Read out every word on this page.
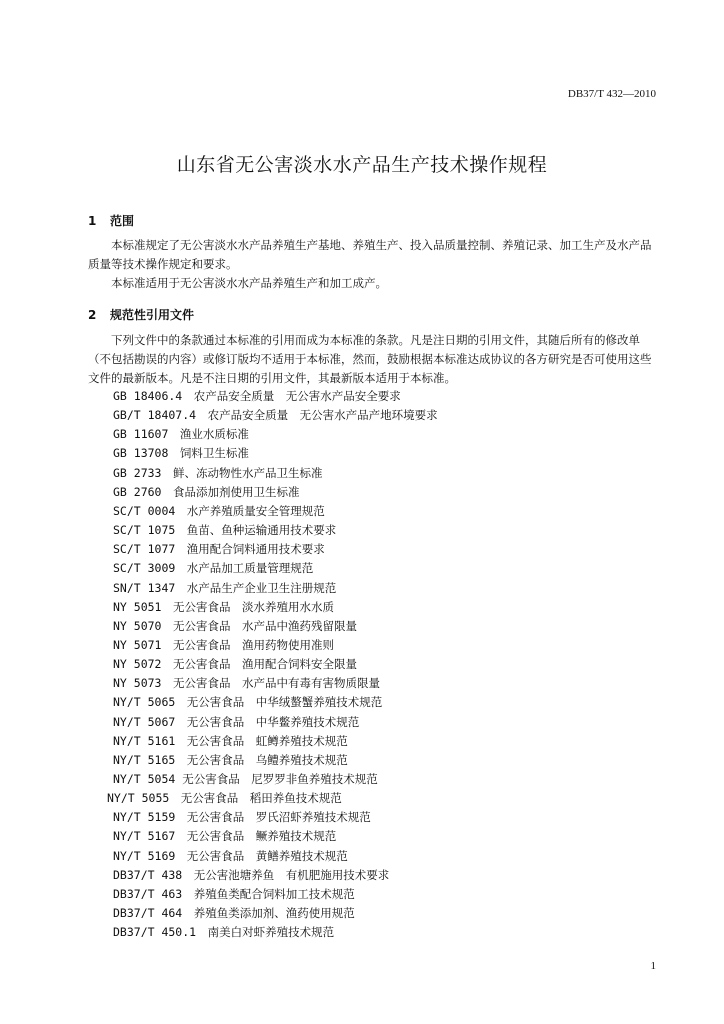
DB37/T 432—2010
山东省无公害淡水水产品生产技术操作规程
1 范围

本标准规定了无公害淡水水产品养殖生产基地、养殖生产、投入品质量控制、养殖记录、加工生产及水产品质量等技术操作规定和要求。

本标准适用于无公害淡水水产品养殖生产和加工成产。

2 规范性引用文件

下列文件中的条款通过本标准的引用而成为本标准的条款。凡是注日期的引用文件，其随后所有的修改单（不包括勘误的内容）或修订版均不适用于本标准，然而，鼓励根据本标准达成协议的各方研究是否可使用这些文件的最新版本。凡是不注日期的引用文件，其最新版本适用于本标准。

GB 18406.4　农产品安全质量　无公害水产品安全要求
GB/T 18407.4　农产品安全质量　无公害水产品产地环境要求
GB 11607　渔业水质标准
GB 13708　饲料卫生标准
GB 2733　鲜、冻动物性水产品卫生标准
GB 2760　食品添加剂使用卫生标准
SC/T 0004　水产养殖质量安全管理规范
SC/T 1075　鱼苗、鱼种运输通用技术要求
SC/T 1077　渔用配合饲料通用技术要求
SC/T 3009　水产品加工质量管理规范
SN/T 1347　水产品生产企业卫生注册规范
NY 5051　无公害食品　淡水养殖用水水质
NY 5070　无公害食品　水产品中渔药残留限量
NY 5071　无公害食品　渔用药物使用准则
NY 5072　无公害食品　渔用配合饲料安全限量
NY 5073　无公害食品　水产品中有毒有害物质限量
NY/T 5065　无公害食品　中华绒螯蟹养殖技术规范
NY/T 5067　无公害食品　中华鳖养殖技术规范
NY/T 5161　无公害食品　虹鳟养殖技术规范
NY/T 5165　无公害食品　乌鳢养殖技术规范
NY/T 5054 无公害食品　尼罗罗非鱼养殖技术规范
NY/T 5055　无公害食品　稻田养鱼技术规范
NY/T 5159　无公害食品　罗氏沼虾养殖技术规范
NY/T 5167　无公害食品　鳜养殖技术规范
NY/T 5169　无公害食品　黄鳝养殖技术规范
DB37/T 438　无公害池塘养鱼　有机肥施用技术要求
DB37/T 463　养殖鱼类配合饲料加工技术规范
DB37/T 464　养殖鱼类添加剂、渔药使用规范
DB37/T 450.1　南美白对虾养殖技术规范
1
